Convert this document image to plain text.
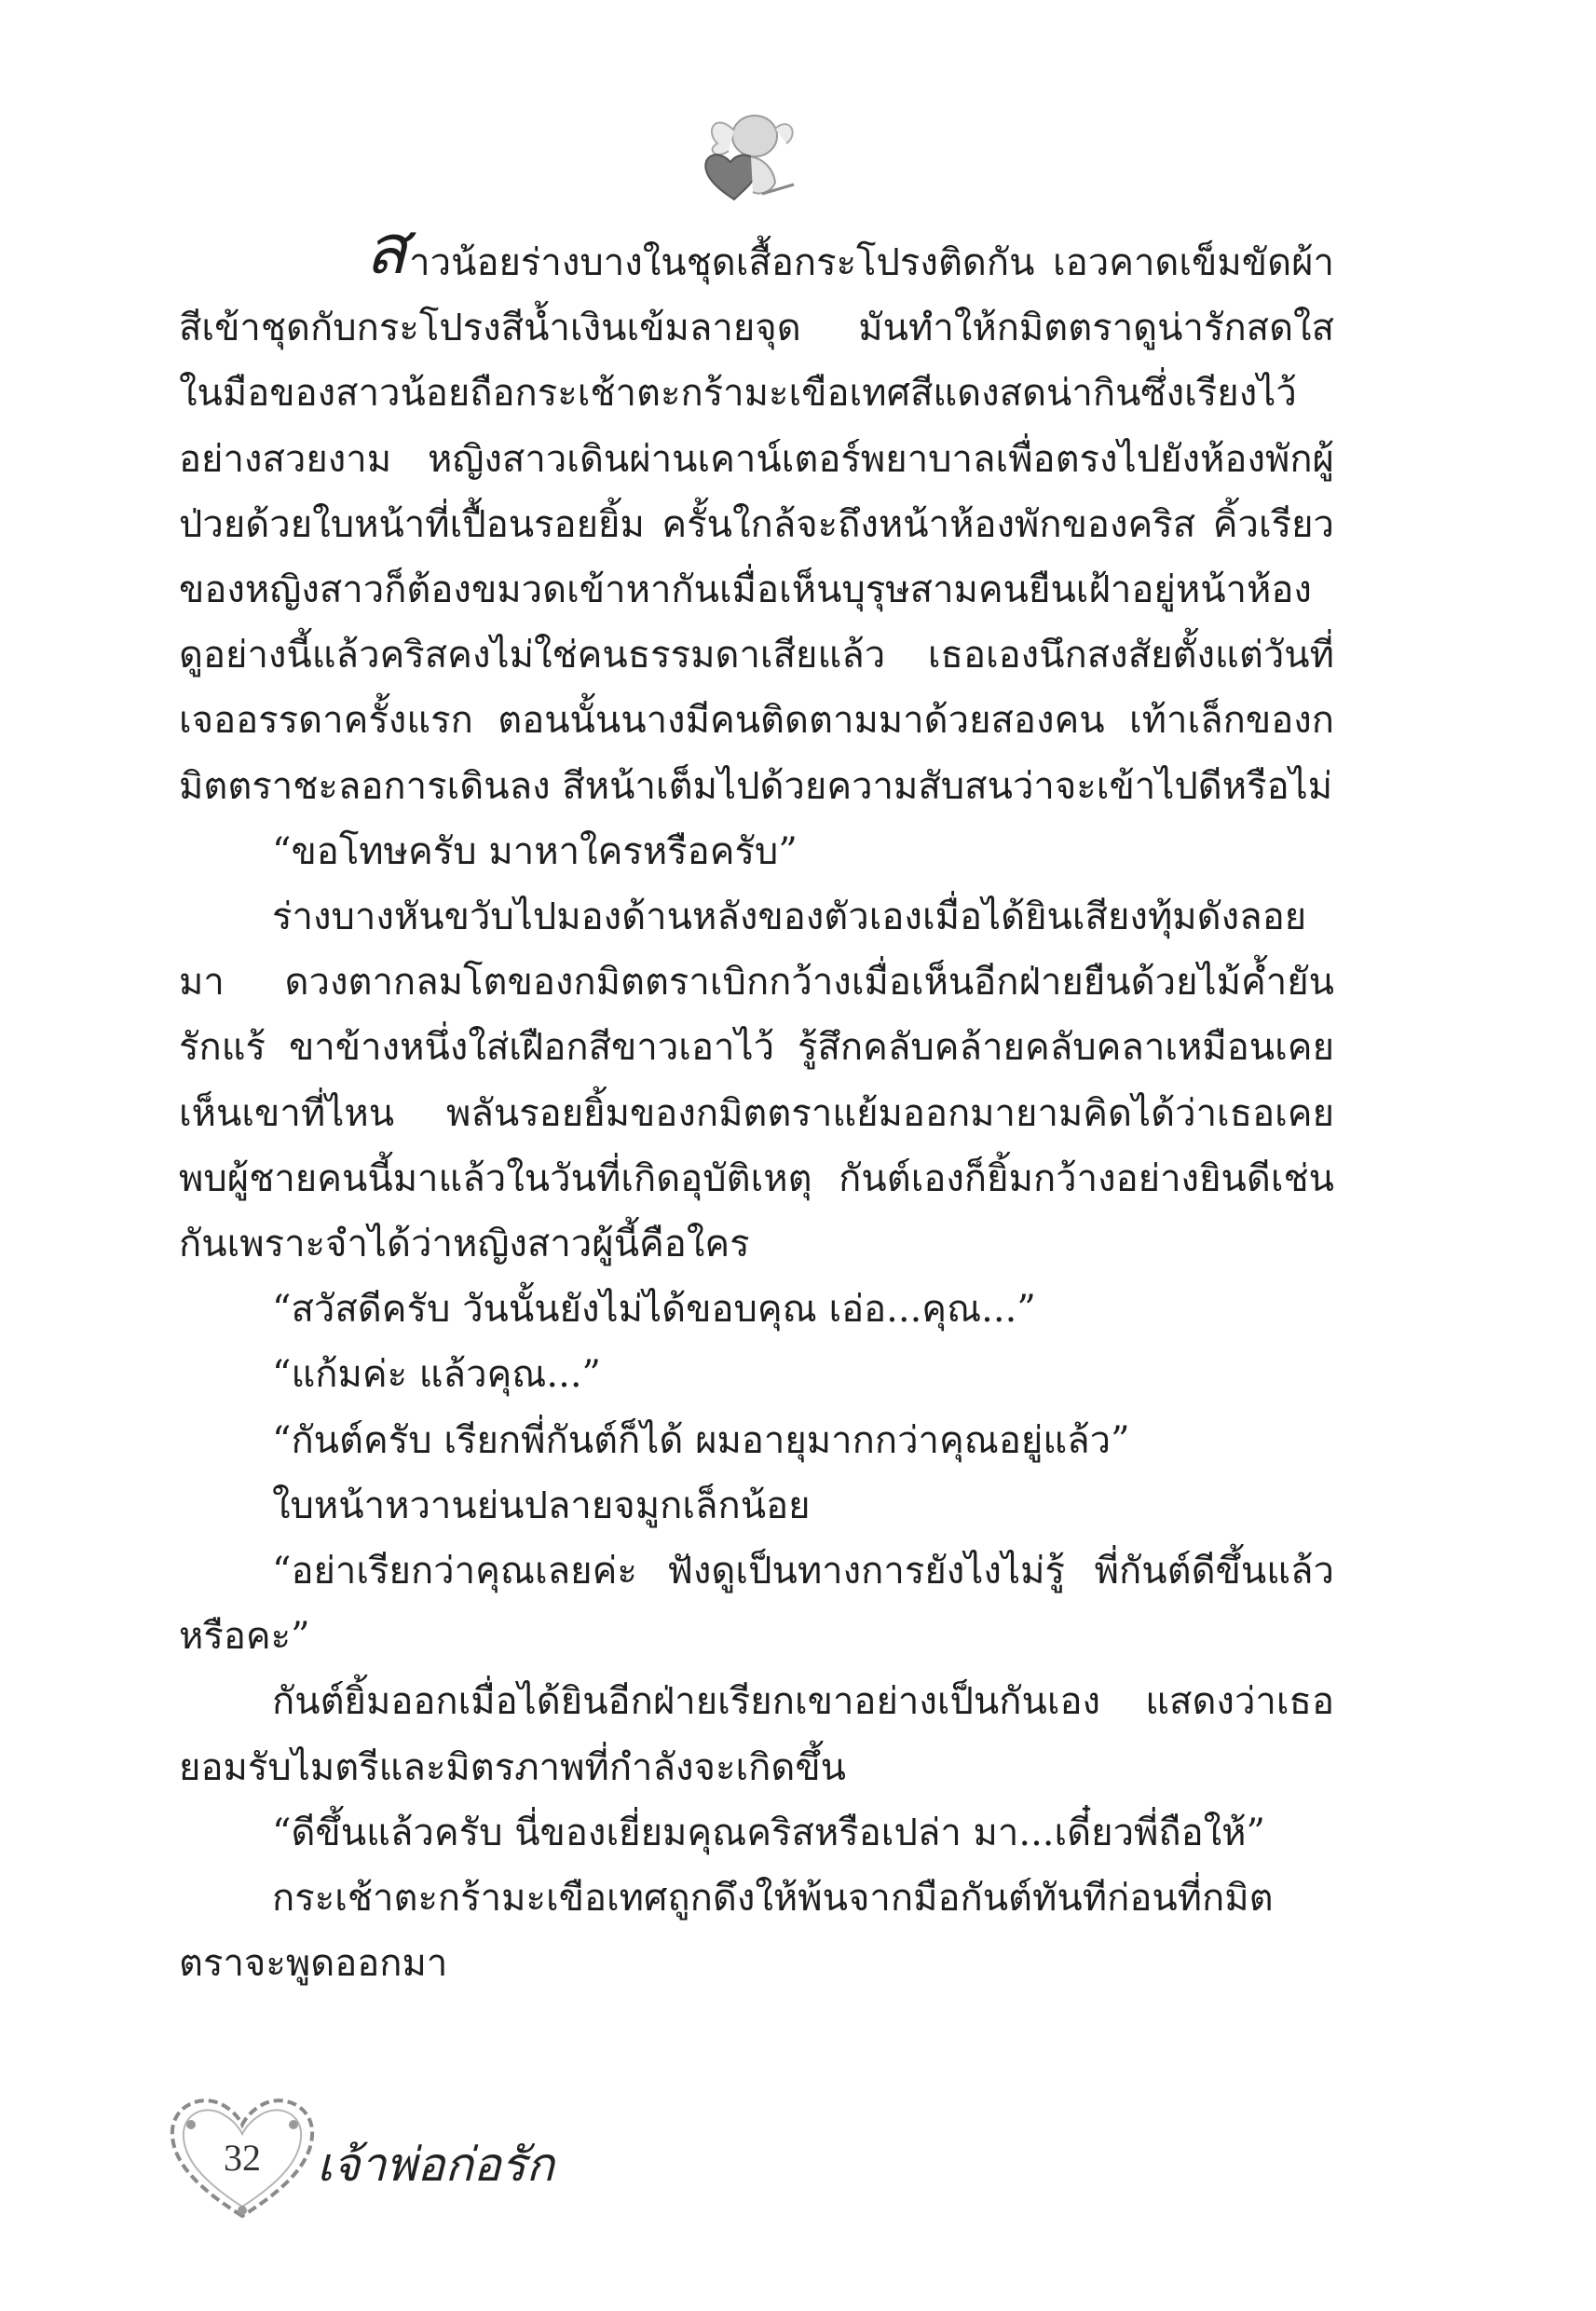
สาวน้อยร่างบางในชุดเสื้อกระโปรงติดกัน เอวคาดเข็มขัดผ้าสีเข้าชุดกับกระโปรงสีน้ำเงินเข้มลายจุด มันทำให้กมิตตราดูน่ารักสดใส ในมือของสาวน้อยถือกระเช้าตะกร้ามะเขือเทศสีแดงสดน่ากินซึ่งเรียงไว้อย่างสวยงาม หญิงสาวเดินผ่านเคาน์เตอร์พยาบาลเพื่อตรงไปยังห้องพักผู้ป่วยด้วยใบหน้าที่เปื้อนรอยยิ้ม ครั้นใกล้จะถึงหน้าห้องพักของคริส คิ้วเรียวของหญิงสาวก็ต้องขมวดเข้าหากันเมื่อเห็นบุรุษสามคนยืนเฝ้าอยู่หน้าห้อง ดูอย่างนี้แล้วคริสคงไม่ใช่คนธรรมดาเสียแล้ว เธอเองนึกสงสัยตั้งแต่วันที่เจออรรดาครั้งแรก ตอนนั้นนางมีคนติดตามมาด้วยสองคน เท้าเล็กของกมิตตราชะลอการเดินลง สีหน้าเต็มไปด้วยความสับสนว่าจะเข้าไปดีหรือไม่

“ขอโทษครับ มาหาใครหรือครับ”

ร่างบางหันขวับไปมองด้านหลังของตัวเองเมื่อได้ยินเสียงทุ้มดังลอยมา ดวงตากลมโตของกมิตตราเบิกกว้างเมื่อเห็นอีกฝ่ายยืนด้วยไม้ค้ำยันรักแร้ ขาข้างหนึ่งใส่เฝือกสีขาวเอาไว้ รู้สึกคลับคล้ายคลับคลาเหมือนเคยเห็นเขาที่ไหน พลันรอยยิ้มของกมิตตราแย้มออกมายามคิดได้ว่าเธอเคยพบผู้ชายคนนี้มาแล้วในวันที่เกิดอุบัติเหตุ กันต์เองก็ยิ้มกว้างอย่างยินดีเช่นกันเพราะจำได้ว่าหญิงสาวผู้นี้คือใคร

“สวัสดีครับ วันนั้นยังไม่ได้ขอบคุณ เอ่อ...คุณ...”

“แก้มค่ะ แล้วคุณ...”

“กันต์ครับ เรียกพี่กันต์ก็ได้ ผมอายุมากกว่าคุณอยู่แล้ว”

ใบหน้าหวานย่นปลายจมูกเล็กน้อย

“อย่าเรียกว่าคุณเลยค่ะ ฟังดูเป็นทางการยังไงไม่รู้ พี่กันต์ดีขึ้นแล้วหรือคะ”

กันต์ยิ้มออกเมื่อได้ยินอีกฝ่ายเรียกเขาอย่างเป็นกันเอง แสดงว่าเธอยอมรับไมตรีและมิตรภาพที่กำลังจะเกิดขึ้น

“ดีขึ้นแล้วครับ นี่ของเยี่ยมคุณคริสหรือเปล่า มา...เดี๋ยวพี่ถือให้”

กระเช้าตะกร้ามะเขือเทศถูกดึงให้พ้นจากมือกันต์ทันทีก่อนที่กมิตตราจะพูดออกมา

32	เจ้าพ่อก่อรัก
